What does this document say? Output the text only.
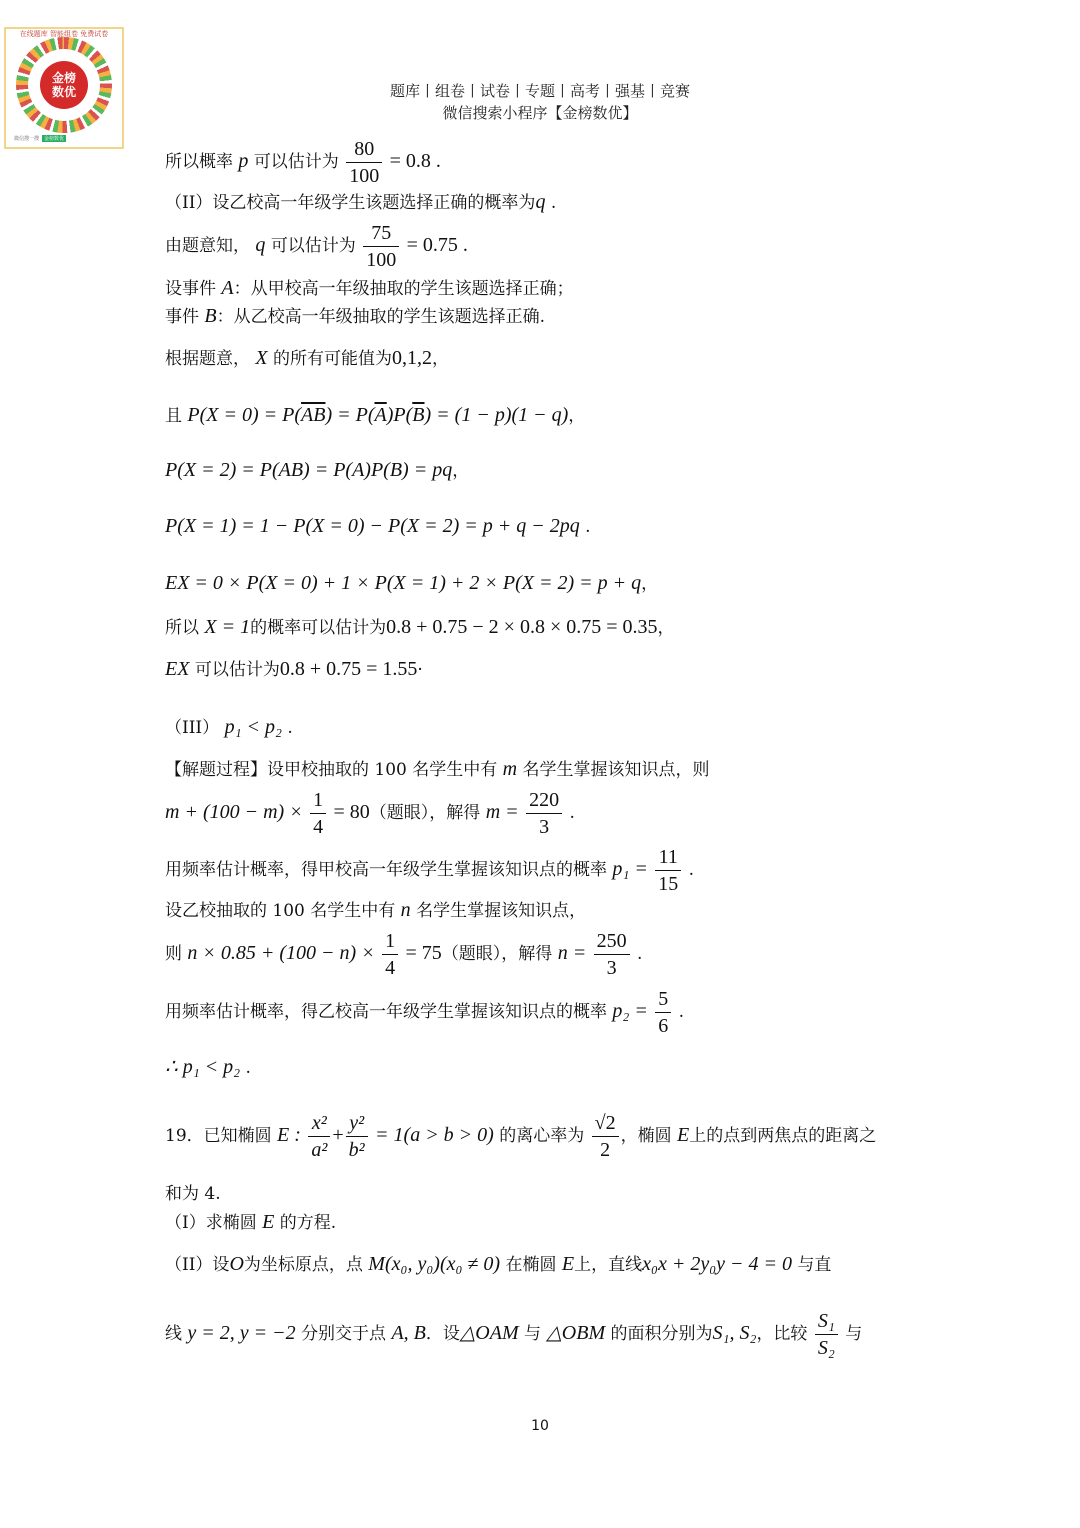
金榜
数优
在线题库 智能组卷 免费试卷
微信搜一搜	金榜数优
题库丨组卷丨试卷丨专题丨高考丨强基丨竞赛
微信搜索小程序【金榜数优】
所以概率 p 可以估计为 $\frac{80}{100} = 0.8$ .
（II）设乙校高一年级学生该题选择正确的概率为q .
由题意知， q 可以估计为 $\frac{75}{100} = 0.75$ .
设事件 A：从甲校高一年级抽取的学生该题选择正确；
事件 B：从乙校高一年级抽取的学生该题选择正确.
根据题意， X 的所有可能值为0,1,2，
且 $P(X = 0) = P(\overline{AB}) = P(\overline{A})P(\overline{B}) = (1 - p)(1 - q)$，
P(X = 2) = P(AB) = P(A)P(B) = pq，
P(X = 1) = 1 − P(X = 0) − P(X = 2) = p + q − 2pq .
EX = 0 × P(X = 0) + 1 × P(X = 1) + 2 × P(X = 2) = p + q，
所以 X = 1的概率可以估计为0.8 + 0.75 − 2 × 0.8 × 0.75 = 0.35，
EX 可以估计为0.8 + 0.75 = 1.55·
（III） p₁ < p₂ .
【解题过程】设甲校抽取的 100 名学生中有 m 名学生掌握该知识点，则
$m + (100 - m) \times \frac{1}{4} = 80$（题眼），解得 $m = \frac{220}{3}$ .
用频率估计概率，得甲校高一年级学生掌握该知识点的概率 $p_1 = \frac{11}{15}$ .
设乙校抽取的 100 名学生中有 n 名学生掌握该知识点，
则 $n \times 0.85 + (100 - n) \times \frac{1}{4} = 75$（题眼），解得 $n = \frac{250}{3}$ .
用频率估计概率，得乙校高一年级学生掌握该知识点的概率 $p_2 = \frac{5}{6}$ .
∴ p₁ < p₂ .
19．已知椭圆 E : $\frac{\text{x²}}{\text{a²}} + \frac{\text{y²}}{\text{b²}} = 1(a > b > 0)$ 的离心率为 $\frac{√2}{2}$ ，椭圆 E上的点到两焦点的距离之
和为 4.
（I）求椭圆 E 的方程.
（II）设O为坐标原点，点 M(x₀, y₀)(x₀ ≠ 0) 在椭圆 E上，直线x₀x + 2y₀y − 4 = 0 与直
线 y = 2, y = −2 分别交于点 A, B．设△OAM 与 △OBM 的面积分别为S₁, S₂，比较 $\frac{\text{S₁}}{\text{S₂}}$ 与
10
